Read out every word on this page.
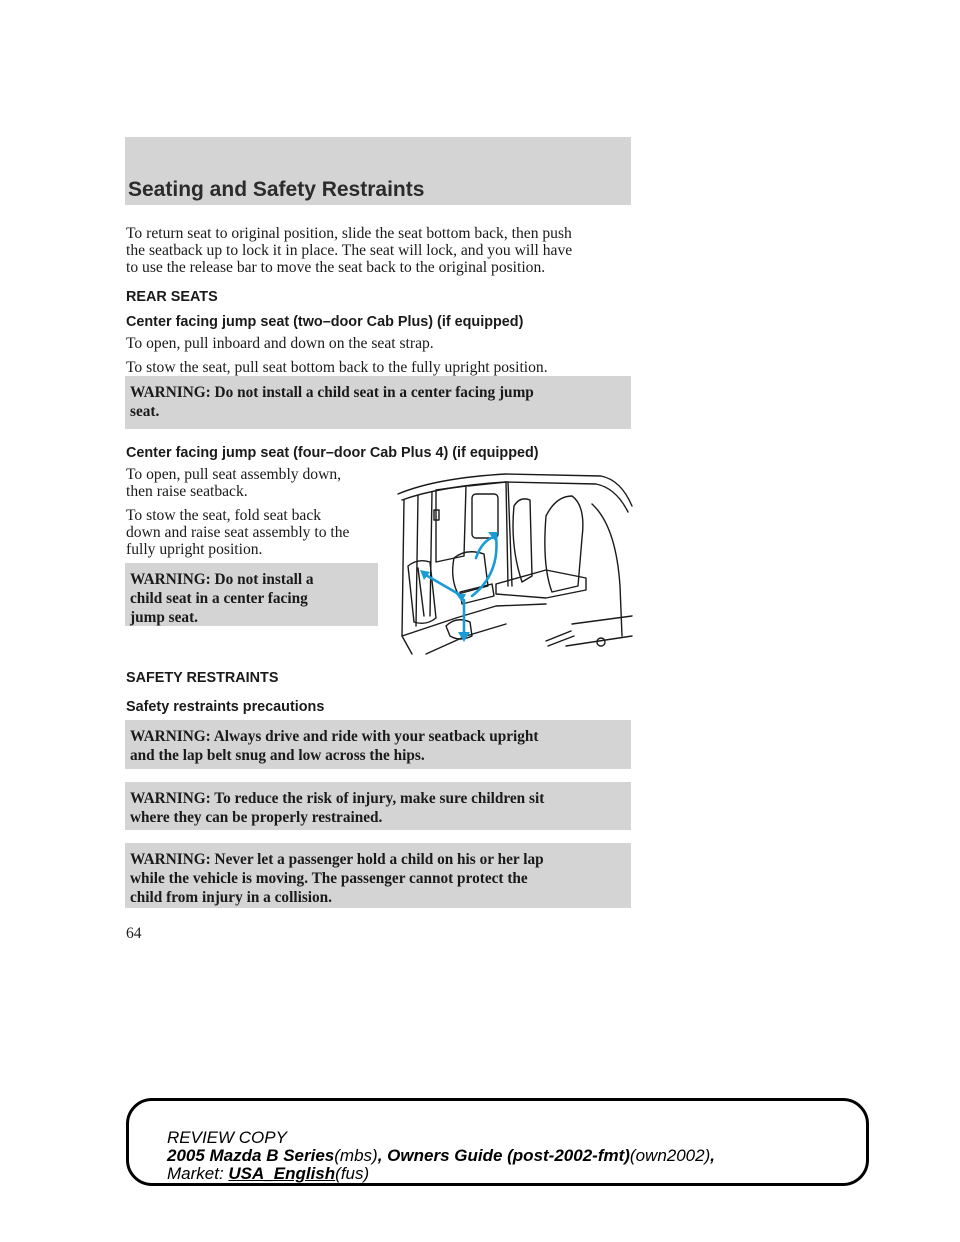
Seating and Safety Restraints

To return seat to original position, slide the seat bottom back, then push

the seatback up to lock it in place. The seat will lock, and you will have

to use the release bar to move the seat back to the original position.

REAR SEATS

Center facing jump seat (two–door Cab Plus) (if equipped)

To open, pull inboard and down on the seat strap.

To stow the seat, pull seat bottom back to the fully upright position.

WARNING: Do not install a child seat in a center facing jump

seat.

Center facing jump seat (four–door Cab Plus 4) (if equipped)

To open, pull seat assembly down,

then raise seatback.

To stow the seat, fold seat back

down and raise seat assembly to the

fully upright position.

WARNING: Do not install a

child seat in a center facing

jump seat.

SAFETY RESTRAINTS

Safety restraints precautions

WARNING: Always drive and ride with your seatback upright

and the lap belt snug and low across the hips.

WARNING: To reduce the risk of injury, make sure children sit

where they can be properly restrained.

WARNING: Never let a passenger hold a child on his or her lap

while the vehicle is moving. The passenger cannot protect the

child from injury in a collision.

64

REVIEW COPY
2005 Mazda B Series(mbs), Owners Guide (post-2002-fmt)(own2002),
Market: USA_English(fus)
